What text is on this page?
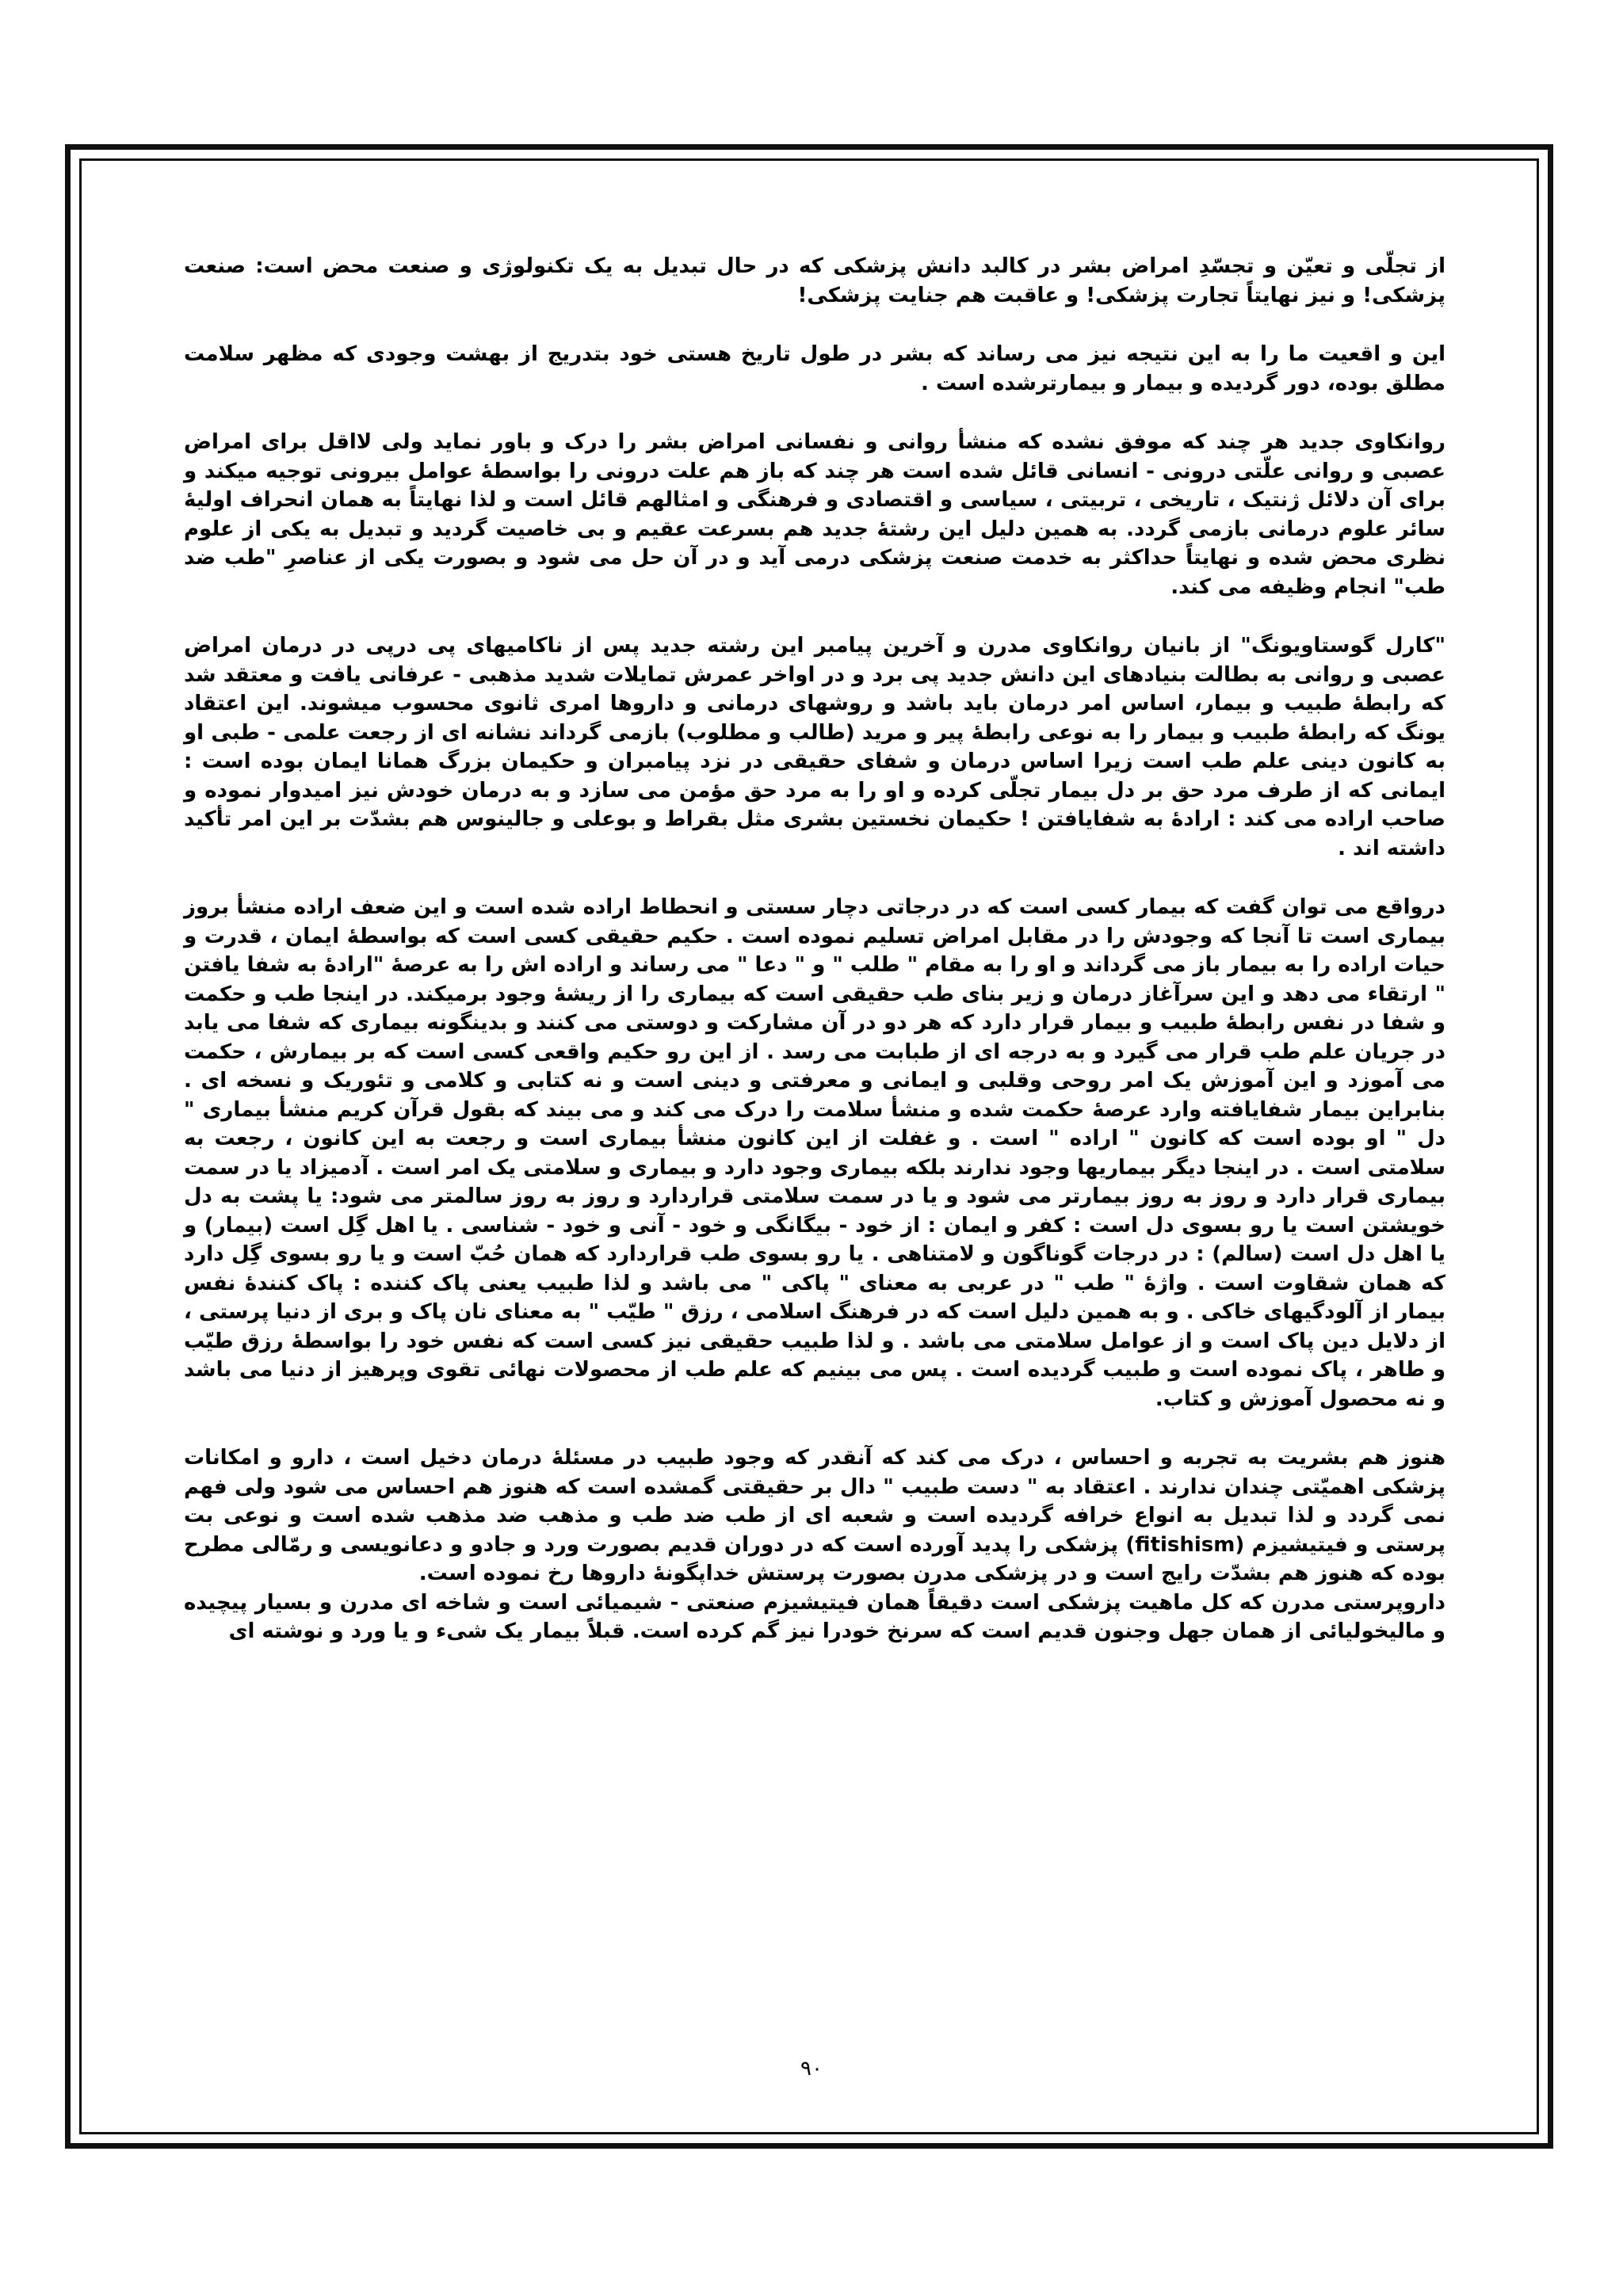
از تجلّی و تعیّن و تجسّدِ امراض بشر در کالبد دانش پزشکی که در حال تبدیل به یک تکنولوژی و صنعت محض است: صنعت پزشکی! و نیز نهایتاً تجارت پزشکی! و عاقبت هم جنایت پزشکی!

این و اقعیت ما را به این نتیجه نیز می رساند که بشر در طول تاریخ هستی خود بتدریج از بهشت وجودی که مظهر سلامت مطلق بوده، دور گردیده و بیمار و بیمارترشده است .

روانکاوی جدید هر چند که موفق نشده که منشأ روانی و نفسانی امراض بشر را درک و باور نماید ولی لااقل برای امراض عصبی و روانی علّتی درونی - انسانی قائل شده است هر چند که باز هم علت درونی را بواسطهٔ عوامل بیرونی توجیه میکند و برای آن دلائل ژنتیک ، تاریخی ، تربیتی ، سیاسی و اقتصادی و فرهنگی و امثالهم قائل است و لذا نهایتاً به همان انحراف اولیهٔ سائر علوم درمانی بازمی گردد. به همین دلیل این رشتهٔ جدید هم بسرعت عقیم و بی خاصیت گردید و تبدیل به یکی از علوم نظری محض شده و نهایتاً حداکثر به خدمت صنعت پزشکی درمی آید و در آن حل می شود و بصورت یکی از عناصرِ "طب ضد طب" انجام وظیفه می کند.

"کارل گوستاویونگ" از بانیان روانکاوی مدرن و آخرین پیامبر این رشته جدید پس از ناکامیهای پی درپی در درمان امراض عصبی و روانی به بطالت بنیادهای این دانش جدید پی برد و در اواخر عمرش تمایلات شدید مذهبی - عرفانی یافت و معتقد شد که رابطهٔ طبیب و بیمار، اساس امر درمان باید باشد و روشهای درمانی و داروها امری ثانوی محسوب میشوند. این اعتقاد یونگ که رابطهٔ طبیب و بیمار را به نوعی رابطهٔ پیر و مرید (طالب و مطلوب) بازمی گرداند نشانه ای از رجعت علمی - طبی او به کانون دینی علم طب است زیرا اساس درمان و شفای حقیقی در نزد پیامبران و حکیمان بزرگ همانا ایمان بوده است : ایمانی که از طرف مرد حق بر دل بیمار تجلّی کرده و او را به مرد حق مؤمن می سازد و به درمان خودش نیز امیدوار نموده و صاحب اراده می کند : ارادهٔ به شفایافتن ! حکیمان نخستین بشری مثل بقراط و بوعلی و جالینوس هم بشدّت بر این امر تأکید داشته اند .

درواقع می توان گفت که بیمار کسی است که در درجاتی دچار سستی و انحطاط اراده شده است و این ضعف اراده منشأ بروز بیماری است تا آنجا که وجودش را در مقابل امراض تسلیم نموده است . حکیم حقیقی کسی است که بواسطهٔ ایمان ، قدرت و حیات اراده را به بیمار باز می گرداند و او را به مقام " طلب " و " دعا " می رساند و اراده اش را به عرصهٔ "ارادهٔ به شفا یافتن " ارتقاء می دهد و این سرآغاز درمان و زیر بنای طب حقیقی است که بیماری را از ریشهٔ وجود برمیکند. در اینجا طب و حکمت و شفا در نفس رابطهٔ طبیب و بیمار قرار دارد که هر دو در آن مشارکت و دوستی می کنند و بدینگونه بیماری که شفا می یابد در جریان علم طب قرار می گیرد و به درجه ای از طبابت می رسد . از این رو حکیم واقعی کسی است که بر بیمارش ، حکمت می آموزد و این آموزش یک امر روحی وقلبی و ایمانی و معرفتی و دینی است و نه کتابی و کلامی و تئوریک و نسخه ای . بنابراین بیمار شفایافته وارد عرصهٔ حکمت شده و منشأ سلامت را درک می کند و می بیند که بقول قرآن کریم منشأ بیماری " دل " او بوده است که کانون " اراده " است . و غفلت از این کانون منشأ بیماری است و رجعت به این کانون ، رجعت به سلامتی است . در اینجا دیگر بیماریها وجود ندارند بلکه بیماری وجود دارد و بیماری و سلامتی یک امر است . آدمیزاد یا در سمت بیماری قرار دارد و روز به روز بیمارتر می شود و یا در سمت سلامتی قراردارد و روز به روز سالمتر می شود: یا پشت به دل خویشتن است یا رو بسوی دل است : کفر و ایمان : از خود - بیگانگی و خود - آنی و خود - شناسی . یا اهل گِل است (بیمار) و یا اهل دل است (سالم) : در درجات گوناگون و لامتناهی . یا رو بسوی طب قراردارد که همان حُبّ است و یا رو بسوی گِل دارد که همان شقاوت است . واژهٔ " طب " در عربی به معنای " پاکی " می باشد و لذا طبیب یعنی پاک کننده : پاک کنندهٔ نفس بیمار از آلودگیهای خاکی . و به همین دلیل است که در فرهنگ اسلامی ، رزق " طیّب " به معنای نان پاک و بری از دنیا پرستی ، از دلایل دین پاک است و از عوامل سلامتی می باشد . و لذا طبیب حقیقی نیز کسی است که نفس خود را بواسطهٔ رزق طیّب و طاهر ، پاک نموده است و طبیب گردیده است . پس می بینیم که علم طب از محصولات نهائی تقوی وپرهیز از دنیا می باشد و نه محصول آموزش و کتاب.

هنوز هم بشریت به تجربه و احساس ، درک می کند که آنقدر که وجود طبیب در مسئلهٔ درمان دخیل است ، دارو و امکانات پزشکی اهمیّتی چندان ندارند . اعتقاد به " دست طبیب " دال بر حقیقتی گمشده است که هنوز هم احساس می شود ولی فهم نمی گردد و لذا تبدیل به انواع خرافه گردیده است و شعبه ای از طب ضد طب و مذهب ضد مذهب شده است و نوعی بت پرستی و فیتیشیزم (fitishism) پزشکی را پدید آورده است که در دوران قدیم بصورت ورد و جادو و دعانویسی و رمّالی مطرح بوده که هنوز هم بشدّت رایج است و در پزشکی مدرن بصورت پرستش خداپگونهٔ داروها رخ نموده است.

داروپرستی مدرن که کل ماهیت پزشکی است دقیقاً همان فیتیشیزم صنعتی - شیمیائی است و شاخه ای مدرن و بسیار پیچیده و مالیخولیائی از همان جهل وجنون قدیم است که سرنخ خودرا نیز گم کرده است. قبلاً بیمار یک شیء و یا ورد و نوشته ای

۹۰
